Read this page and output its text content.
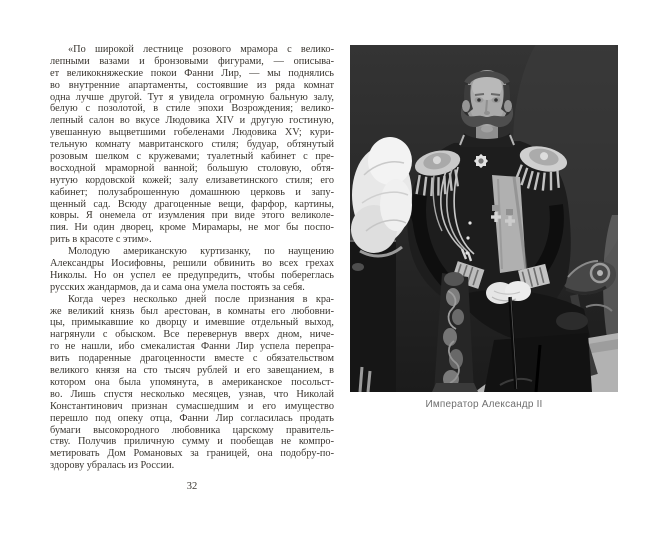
«По широкой лестнице розового мрамора с велико-
лепными вазами и бронзовыми фигурами, — описыва-
ет великокняжеские покои Фанни Лир, — мы поднялись
во внутренние апартаменты, состоявшие из ряда комнат
одна лучше другой. Тут я увидела огромную бальную залу,
белую с позолотой, в стиле эпохи Возрождения; велико-
лепный салон во вкусе Людовика XIV и другую гостиную,
увешанную выцветшими гобеленами Людовика XV; кури-
тельную комнату мавританского стиля; будуар, обтянутый
розовым шелком с кружевами; туалетный кабинет с пре-
восходной мраморной ванной; большую столовую, обтя-
нутую кордовской кожей; залу елизаветинского стиля; его
кабинет; полузаброшенную домашнюю церковь и запу-
щенный сад. Всюду драгоценные вещи, фарфор, картины,
ковры. Я онемела от изумления при виде этого великоле-
пия. Ни один дворец, кроме Мирамары, не мог бы поспо-
рить в красоте с этим».
Молодую американскую куртизанку, по наущению
Александры Иосифовны, решили обвинить во всех грехах
Николы. Но он успел ее предупредить, чтобы побереглась
русских жандармов, да и сама она умела постоять за себя.
Когда через несколько дней после признания в кра-
же великий князь был арестован, в комнаты его любовни-
цы, примыкавшие ко дворцу и имевшие отдельный выход,
нагрянули с обыском. Все перевернув вверх дном, ниче-
го не нашли, ибо смекалистая Фанни Лир успела перепра-
вить подаренные драгоценности вместе с обязательством
великого князя на сто тысяч рублей и его завещанием, в
котором она была упомянута, в американское посольст-
во. Лишь спустя несколько месяцев, узнав, что Николай
Константинович признан сумасшедшим и его имущество
перешло под опеку отца, Фанни Лир согласилась продать
бумаги высокородного любовника царскому правитель-
ству. Получив приличную сумму и пообещав не компро-
метировать Дом Романовых за границей, она подобру-по-
здорову убралась из России.
Император Александр II
32
